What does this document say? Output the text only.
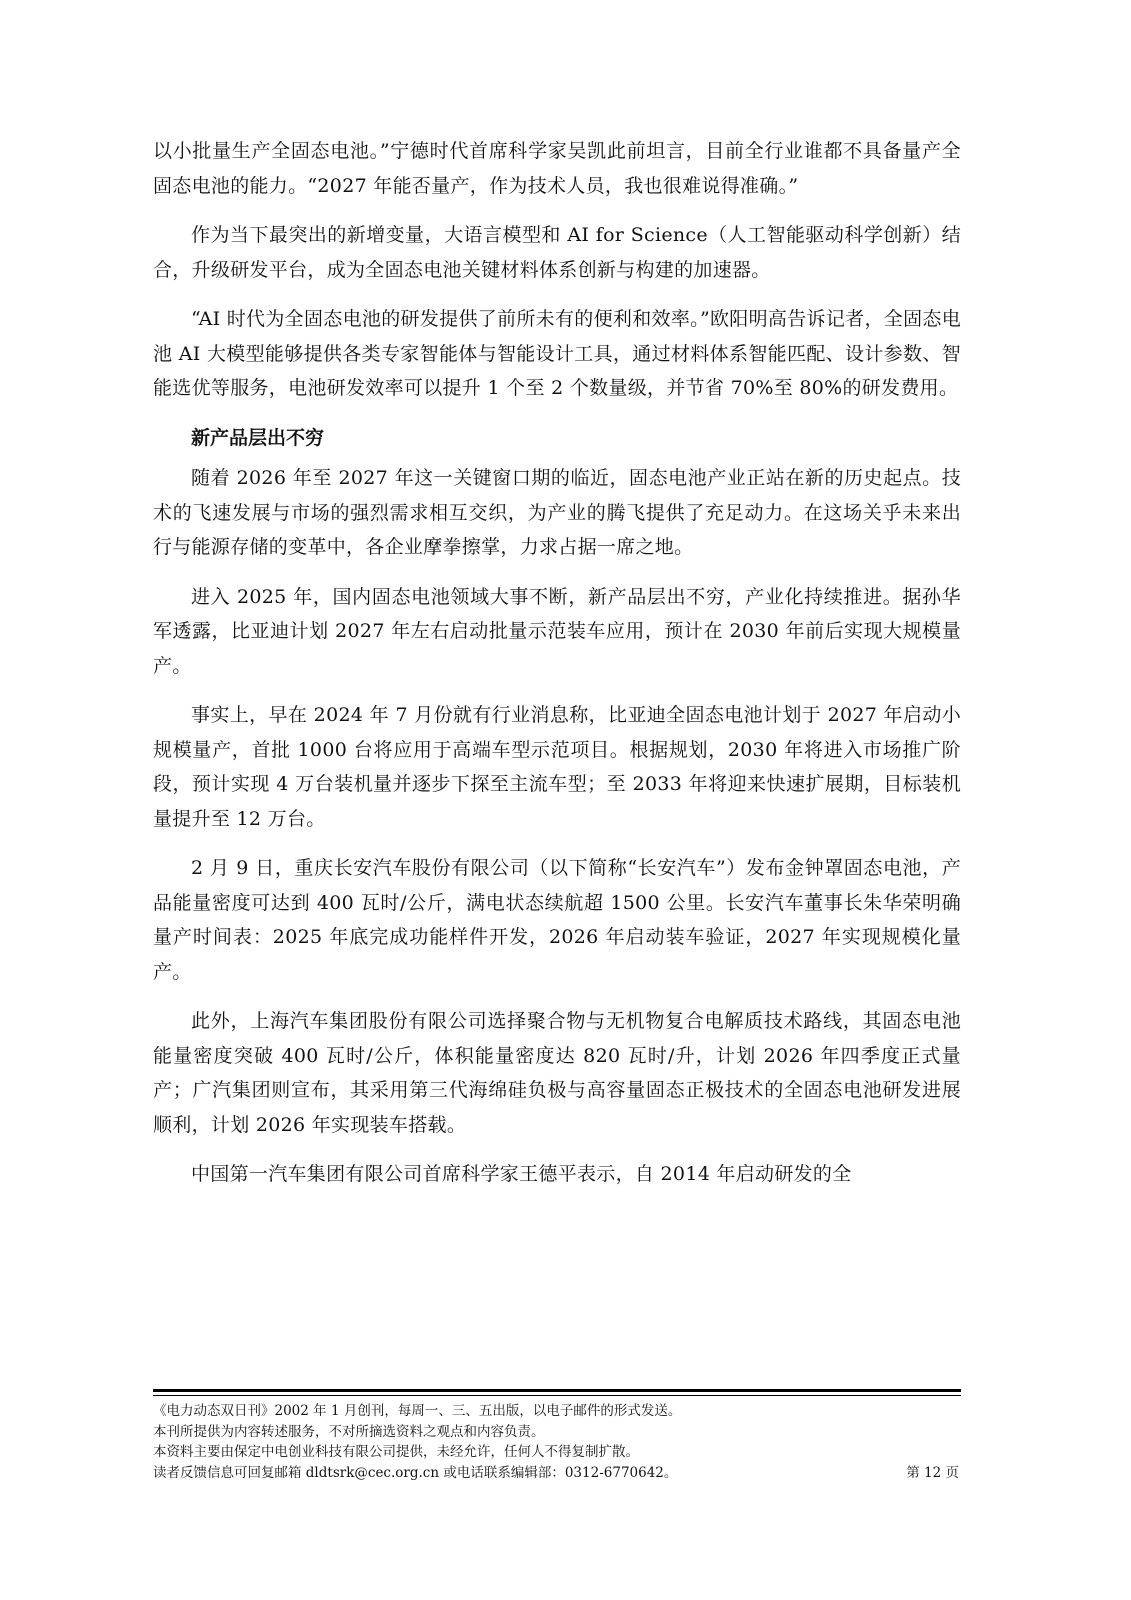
以小批量生产全固态电池。”宁德时代首席科学家吴凯此前坦言，目前全行业谁都不具备量产全固态电池的能力。“2027 年能否量产，作为技术人员，我也很难说得准确。”

作为当下最突出的新增变量，大语言模型和 AI for Science（人工智能驱动科学创新）结合，升级研发平台，成为全固态电池关键材料体系创新与构建的加速器。

“AI 时代为全固态电池的研发提供了前所未有的便利和效率。”欧阳明高告诉记者，全固态电池 AI 大模型能够提供各类专家智能体与智能设计工具，通过材料体系智能匹配、设计参数、智能选优等服务，电池研发效率可以提升 1 个至 2 个数量级，并节省 70%至 80%的研发费用。

新产品层出不穷

随着 2026 年至 2027 年这一关键窗口期的临近，固态电池产业正站在新的历史起点。技术的飞速发展与市场的强烈需求相互交织，为产业的腾飞提供了充足动力。在这场关乎未来出行与能源存储的变革中，各企业摩拳擦掌，力求占据一席之地。

进入 2025 年，国内固态电池领域大事不断，新产品层出不穷，产业化持续推进。据孙华军透露，比亚迪计划 2027 年左右启动批量示范装车应用，预计在 2030 年前后实现大规模量产。

事实上，早在 2024 年 7 月份就有行业消息称，比亚迪全固态电池计划于 2027 年启动小规模量产，首批 1000 台将应用于高端车型示范项目。根据规划，2030 年将进入市场推广阶段，预计实现 4 万台装机量并逐步下探至主流车型；至 2033 年将迎来快速扩展期，目标装机量提升至 12 万台。

2 月 9 日，重庆长安汽车股份有限公司（以下简称“长安汽车”）发布金钟罩固态电池，产品能量密度可达到 400 瓦时/公斤，满电状态续航超 1500 公里。长安汽车董事长朱华荣明确量产时间表：2025 年底完成功能样件开发，2026 年启动装车验证，2027 年实现规模化量产。

此外，上海汽车集团股份有限公司选择聚合物与无机物复合电解质技术路线，其固态电池能量密度突破 400 瓦时/公斤，体积能量密度达 820 瓦时/升，计划 2026 年四季度正式量产；广汽集团则宣布，其采用第三代海绵硅负极与高容量固态正极技术的全固态电池研发进展顺利，计划 2026 年实现装车搭载。

中国第一汽车集团有限公司首席科学家王德平表示，自 2014 年启动研发的全

《电力动态双日刊》2002 年 1 月创刊，每周一、三、五出版，以电子邮件的形式发送。
本刊所提供为内容转述服务，不对所摘选资料之观点和内容负责。
本资料主要由保定中电创业科技有限公司提供，未经允许，任何人不得复制扩散。
读者反馈信息可回复邮箱 dldtsrk@cec.org.cn 或电话联系编辑部：0312-6770642。	第 12 页
